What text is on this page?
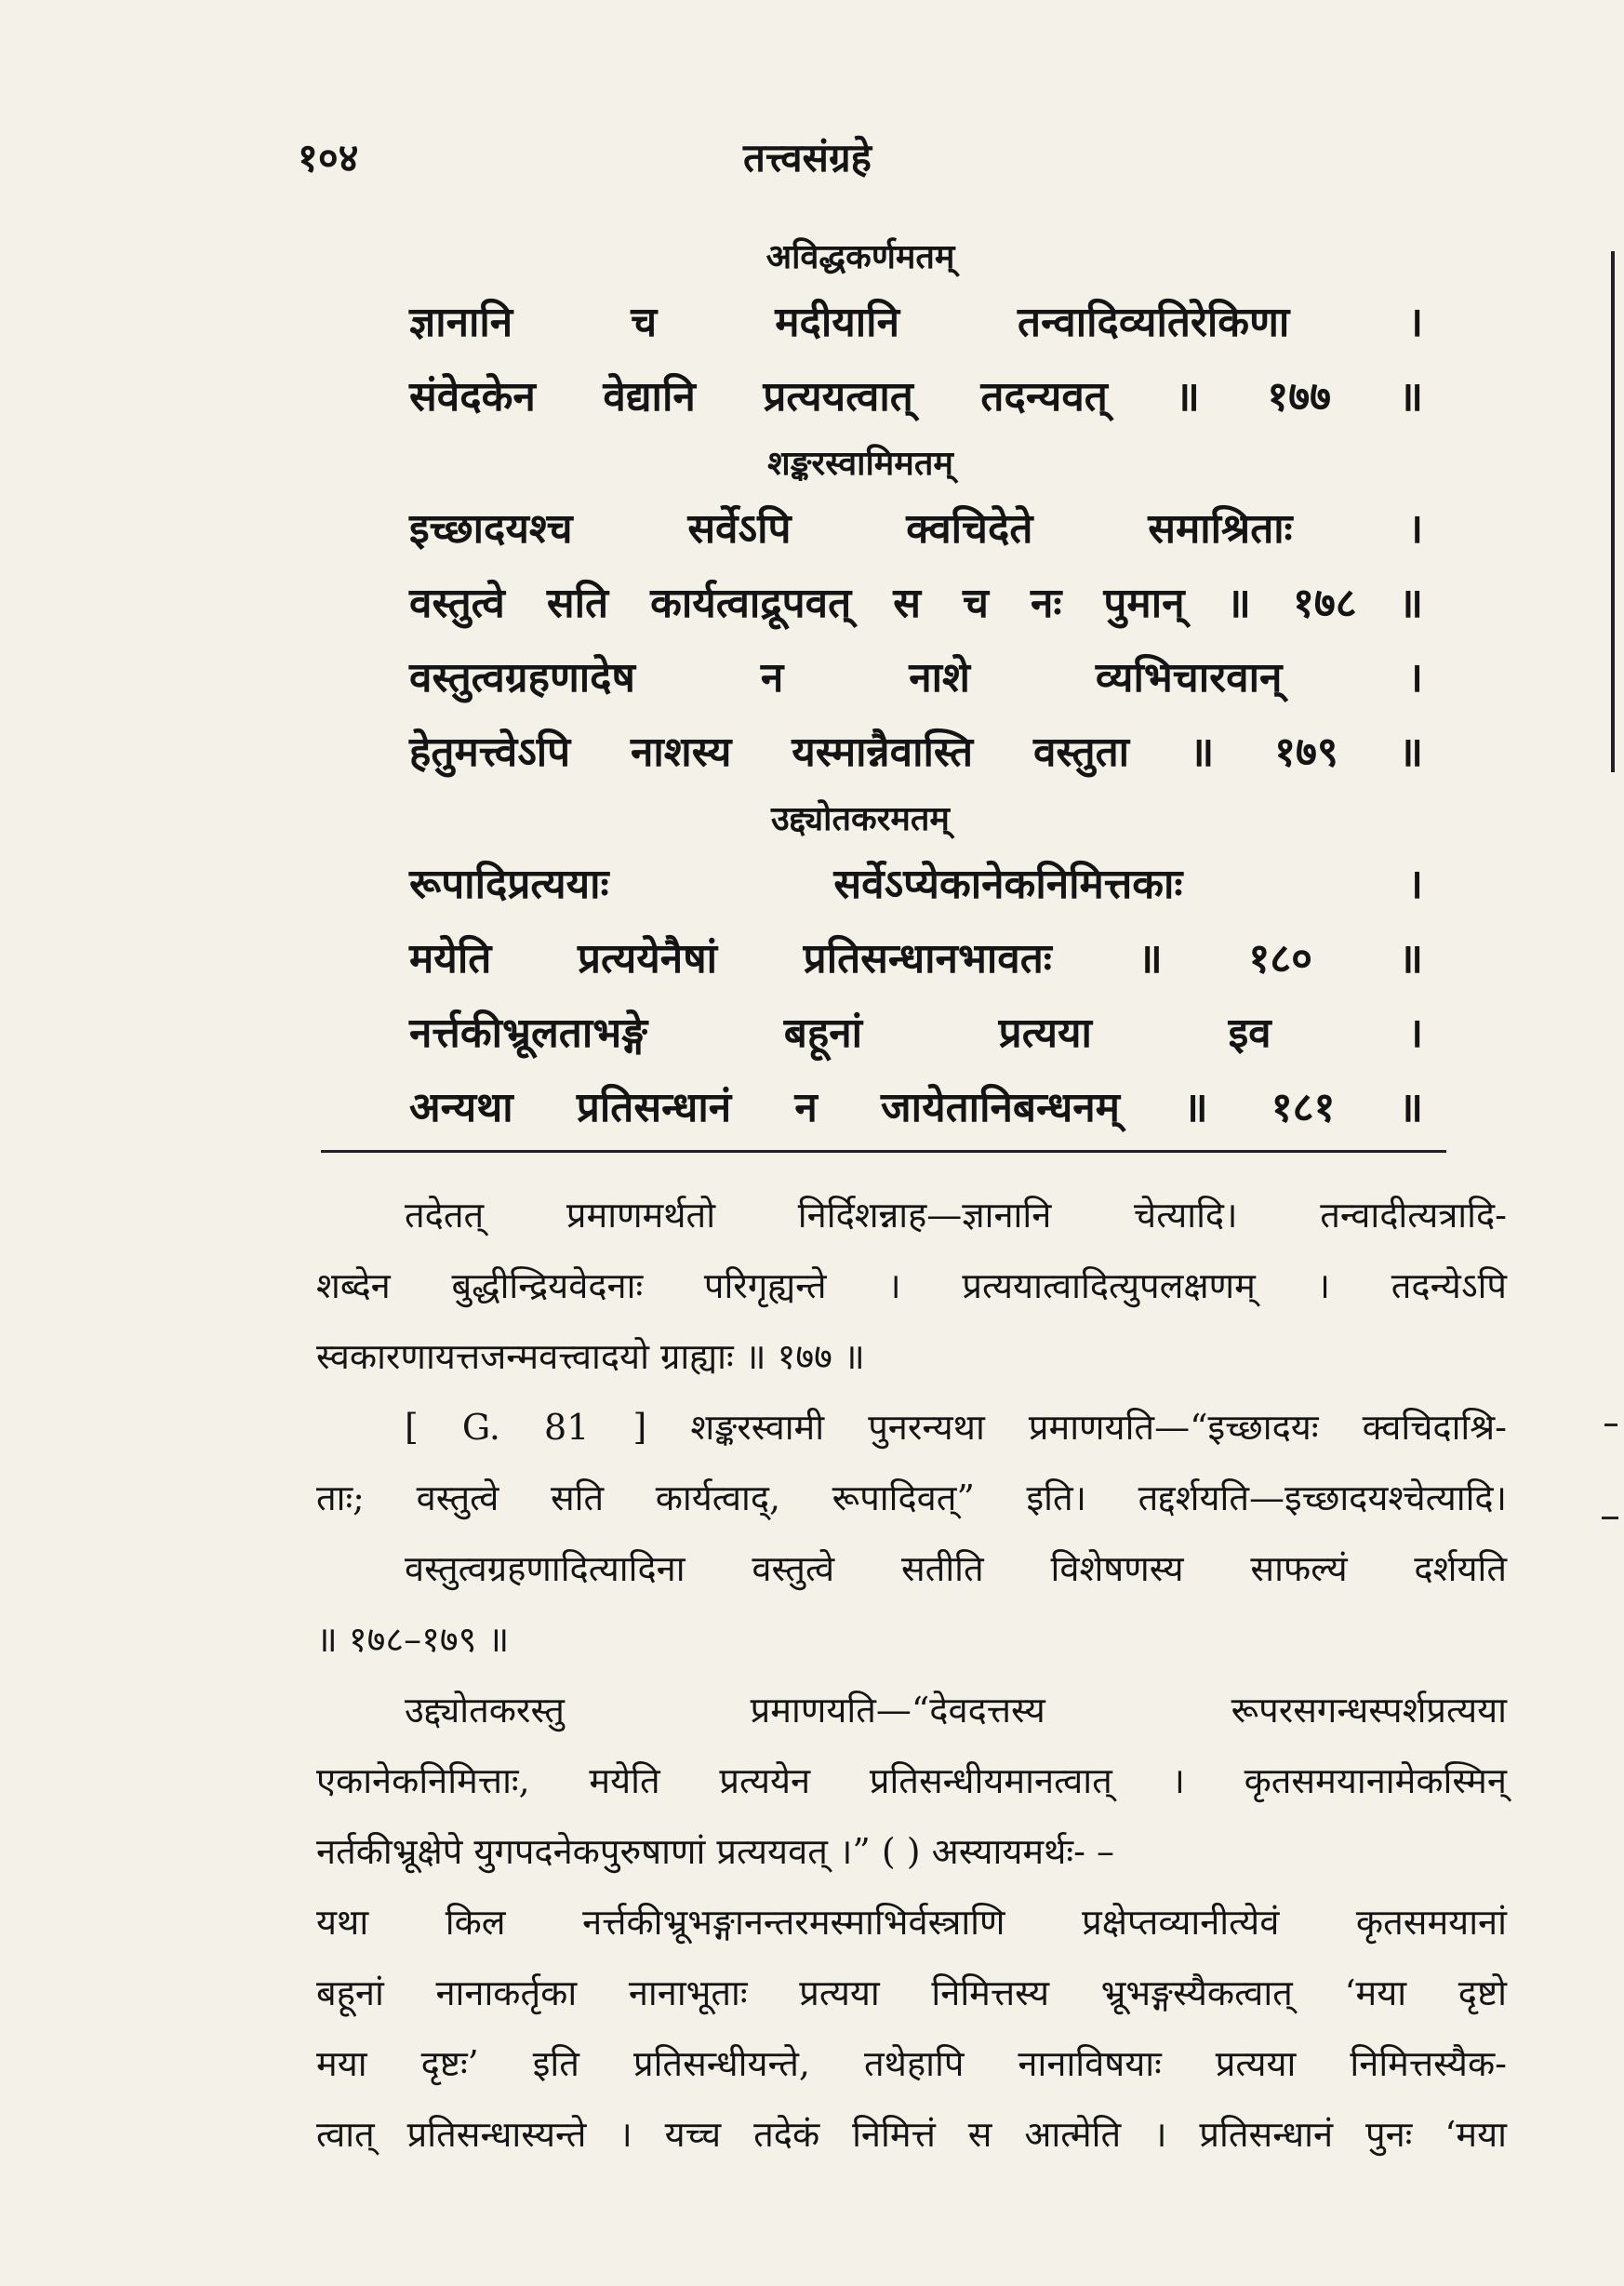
१०४	तत्त्वसंग्रहे
अविद्धकर्णमतम्
ज्ञानानि च मदीयानि तन्वादिव्यतिरेकिणा ।
संवेदकेन वेद्यानि प्रत्ययत्वात् तदन्यवत् ॥ १७७ ॥
शङ्करस्वामिमतम्
इच्छादयश्च सर्वेऽपि क्वचिदेते समाश्रिताः ।
वस्तुत्वे सति कार्यत्वाद्रूपवत् स च नः पुमान् ॥ १७८ ॥
वस्तुत्वग्रहणादेष न नाशे व्यभिचारवान् ।
हेतुमत्त्वेऽपि नाशस्य यस्मान्नैवास्ति वस्तुता ॥ १७९ ॥
उद्द्योतकरमतम्
रूपादिप्रत्ययाः सर्वेऽप्येकानेकनिमित्तकाः ।
मयेति प्रत्ययेनैषां प्रतिसन्धानभावतः ॥ १८० ॥
नर्त्तकीभ्रूलताभङ्गे बहूनां प्रत्यया इव ।
अन्यथा प्रतिसन्धानं न जायेतानिबन्धनम् ॥ १८१ ॥
तदेतत् प्रमाणमर्थतो निर्दिशन्नाह—ज्ञानानि चेत्यादि। तन्वादीत्यत्रादि-
शब्देन बुद्धीन्द्रियवेदनाः परिगृह्यन्ते । प्रत्ययात्वादित्युपलक्षणम् । तदन्येऽपि
स्वकारणायत्तजन्मवत्त्वादयो ग्राह्याः ॥ १७७ ॥
[ G. 81 ] शङ्करस्वामी पुनरन्यथा प्रमाणयति—“इच्छादयः क्वचिदाश्रि-
ताः; वस्तुत्वे सति कार्यत्वाद्, रूपादिवत्” इति। तद्दर्शयति—इच्छादयश्चेत्यादि।
वस्तुत्वग्रहणादित्यादिना वस्तुत्वे सतीति विशेषणस्य साफल्यं दर्शयति
॥ १७८–१७९ ॥
उद्द्योतकरस्तु प्रमाणयति—“देवदत्तस्य रूपरसगन्धस्पर्शप्रत्यया
एकानेकनिमित्ताः, मयेति प्रत्ययेन प्रतिसन्धीयमानत्वात् । कृतसमयानामेकस्मिन्
नर्तकीभ्रूक्षेपे युगपदनेकपुरुषाणां प्रत्ययवत् ।” ( ) अस्यायमर्थः- –
यथा किल नर्त्तकीभ्रूभङ्गानन्तरमस्माभिर्वस्त्राणि प्रक्षेप्तव्यानीत्येवं कृतसमयानां
बहूनां नानाकर्तृका नानाभूताः प्रत्यया निमित्तस्य भ्रूभङ्गस्यैकत्वात् ‘मया दृष्टो
मया दृष्टः’ इति प्रतिसन्धीयन्ते, तथेहापि नानाविषयाः प्रत्यया निमित्तस्यैक-
त्वात् प्रतिसन्धास्यन्ते । यच्च तदेकं निमित्तं स आत्मेति । प्रतिसन्धानं पुनः ‘मया
